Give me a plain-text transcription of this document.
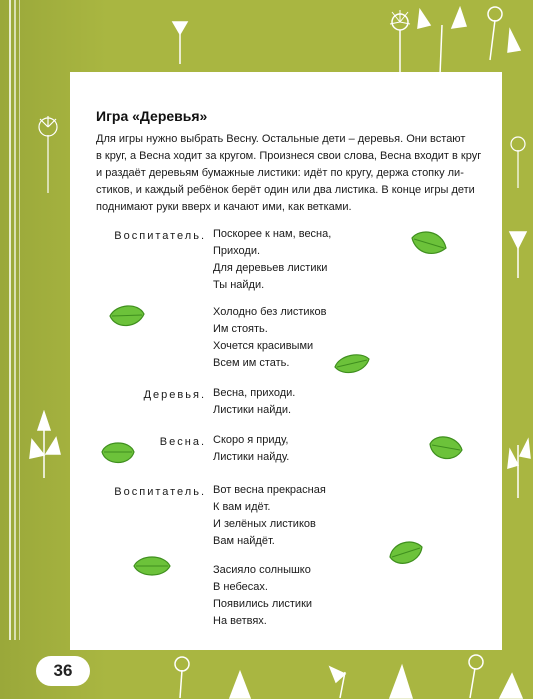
Игра «Деревья»

Для игры нужно выбрать Весну. Остальные дети – деревья. Они встают
в круг, а Весна ходит за кругом. Произнеся свои слова, Весна входит в круг
и раздаёт деревьям бумажные листики: идёт по кругу, держа стопку ли-
стиков, и каждый ребёнок берёт один или два листика. В конце игры дети
поднимают руки вверх и качают ими, как ветками.

Воспитатель. Поскорее к нам, весна,
Приходи.
Для деревьев листики
Ты найди.
Холодно без листиков
Им стоять.
Хочется красивыми
Всем им стать.
Деревья. Весна, приходи.
Листики найди.
Весна. Скоро я приду,
Листики найду.
Воспитатель. Вот весна прекрасная
К вам идёт.
И зелёных листиков
Вам найдёт.
Засияло солнышко
В небесах.
Появились листики
На ветвях.
36
